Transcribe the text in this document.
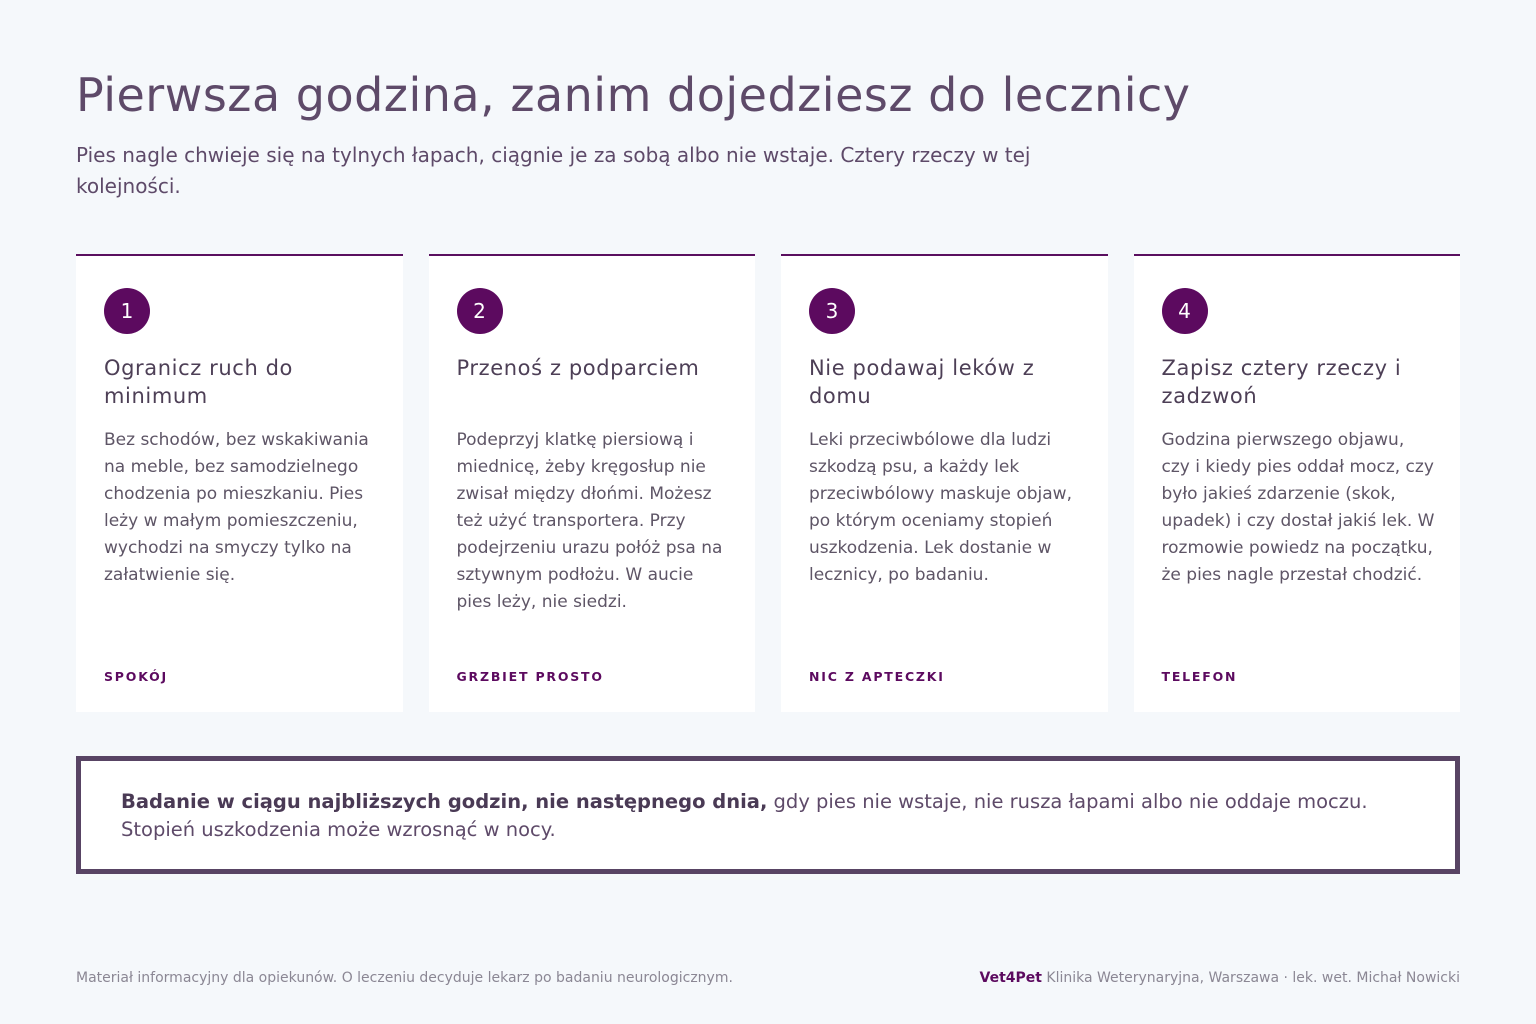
Pierwsza godzina, zanim dojedziesz do lecznicy

Pies nagle chwieje się na tylnych łapach, ciągnie je za sobą albo nie wstaje. Cztery rzeczy w tej kolejności.

1
Ogranicz ruch do minimum

Bez schodów, bez wskakiwania na meble, bez samodzielnego chodzenia po mieszkaniu. Pies leży w małym pomieszczeniu, wychodzi na smyczy tylko na załatwienie się.

SPOKÓJ
2
Przenoś z podparciem

Podeprzyj klatkę piersiową i miednicę, żeby kręgosłup nie zwisał między dłońmi. Możesz też użyć transportera. Przy podejrzeniu urazu połóż psa na sztywnym podłożu. W aucie pies leży, nie siedzi.

GRZBIET PROSTO
3
Nie podawaj leków z domu

Leki przeciwbólowe dla ludzi szkodzą psu, a każdy lek przeciwbólowy maskuje objaw, po którym oceniamy stopień uszkodzenia. Lek dostanie w lecznicy, po badaniu.

NIC Z APTECZKI
4
Zapisz cztery rzeczy i zadzwoń

Godzina pierwszego objawu, czy i kiedy pies oddał mocz, czy było jakieś zdarzenie (skok, upadek) i czy dostał jakiś lek. W rozmowie powiedz na początku, że pies nagle przestał chodzić.

TELEFON
Badanie w ciągu najbliższych godzin, nie następnego dnia, gdy pies nie wstaje, nie rusza łapami albo nie oddaje moczu. Stopień uszkodzenia może wzrosnąć w nocy.
Materiał informacyjny dla opiekunów. O leczeniu decyduje lekarz po badaniu neurologicznym.	Vet4Pet Klinika Weterynaryjna, Warszawa · lek. wet. Michał Nowicki
